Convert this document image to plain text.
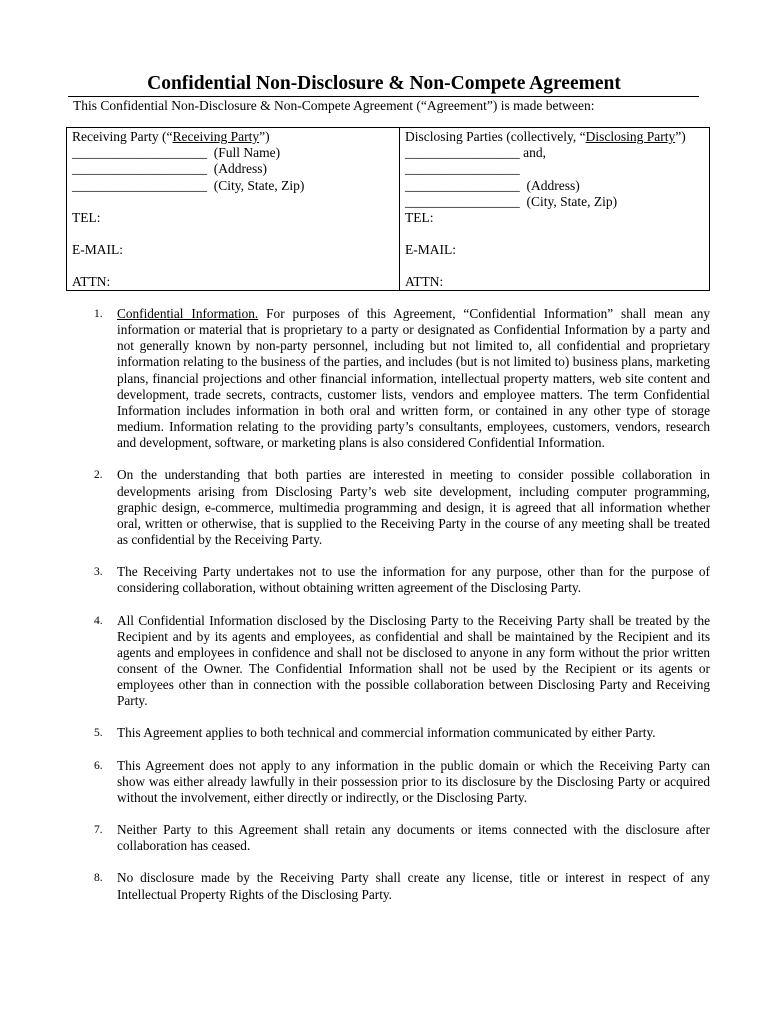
Confidential Non-Disclosure & Non-Compete Agreement
This Confidential Non-Disclosure & Non-Compete Agreement (“Agreement”) is made between:
Receiving Party (“Receiving Party”)
____________________ (Full Name)
____________________ (Address)
____________________ (City, State, Zip)
TEL:
E-MAIL:
ATTN:
Disclosing Parties (collectively, “Disclosing Party”)
_________________ and,
_________________
_________________ (Address)
_________________ (City, State, Zip)
TEL:
E-MAIL:
ATTN:
1. Confidential Information. For purposes of this Agreement, “Confidential Information” shall mean any information or material that is proprietary to a party or designated as Confidential Information by a party and not generally known by non-party personnel, including but not limited to, all confidential and proprietary information relating to the business of the parties, and includes (but is not limited to) business plans, marketing plans, financial projections and other financial information, intellectual property matters, web site content and development, trade secrets, contracts, customer lists, vendors and employee matters. The term Confidential Information includes information in both oral and written form, or contained in any other type of storage medium. Information relating to the providing party’s consultants, employees, customers, vendors, research and development, software, or marketing plans is also considered Confidential Information.

2. On the understanding that both parties are interested in meeting to consider possible collaboration in developments arising from Disclosing Party’s web site development, including computer programming, graphic design, e-commerce, multimedia programming and design, it is agreed that all information whether oral, written or otherwise, that is supplied to the Receiving Party in the course of any meeting shall be treated as confidential by the Receiving Party.

3. The Receiving Party undertakes not to use the information for any purpose, other than for the purpose of considering collaboration, without obtaining written agreement of the Disclosing Party.

4. All Confidential Information disclosed by the Disclosing Party to the Receiving Party shall be treated by the Recipient and by its agents and employees, as confidential and shall be maintained by the Recipient and its agents and employees in confidence and shall not be disclosed to anyone in any form without the prior written consent of the Owner. The Confidential Information shall not be used by the Recipient or its agents or employees other than in connection with the possible collaboration between Disclosing Party and Receiving Party.

5. This Agreement applies to both technical and commercial information communicated by either Party.

6. This Agreement does not apply to any information in the public domain or which the Receiving Party can show was either already lawfully in their possession prior to its disclosure by the Disclosing Party or acquired without the involvement, either directly or indirectly, or the Disclosing Party.

7. Neither Party to this Agreement shall retain any documents or items connected with the disclosure after collaboration has ceased.

8. No disclosure made by the Receiving Party shall create any license, title or interest in respect of any Intellectual Property Rights of the Disclosing Party.
